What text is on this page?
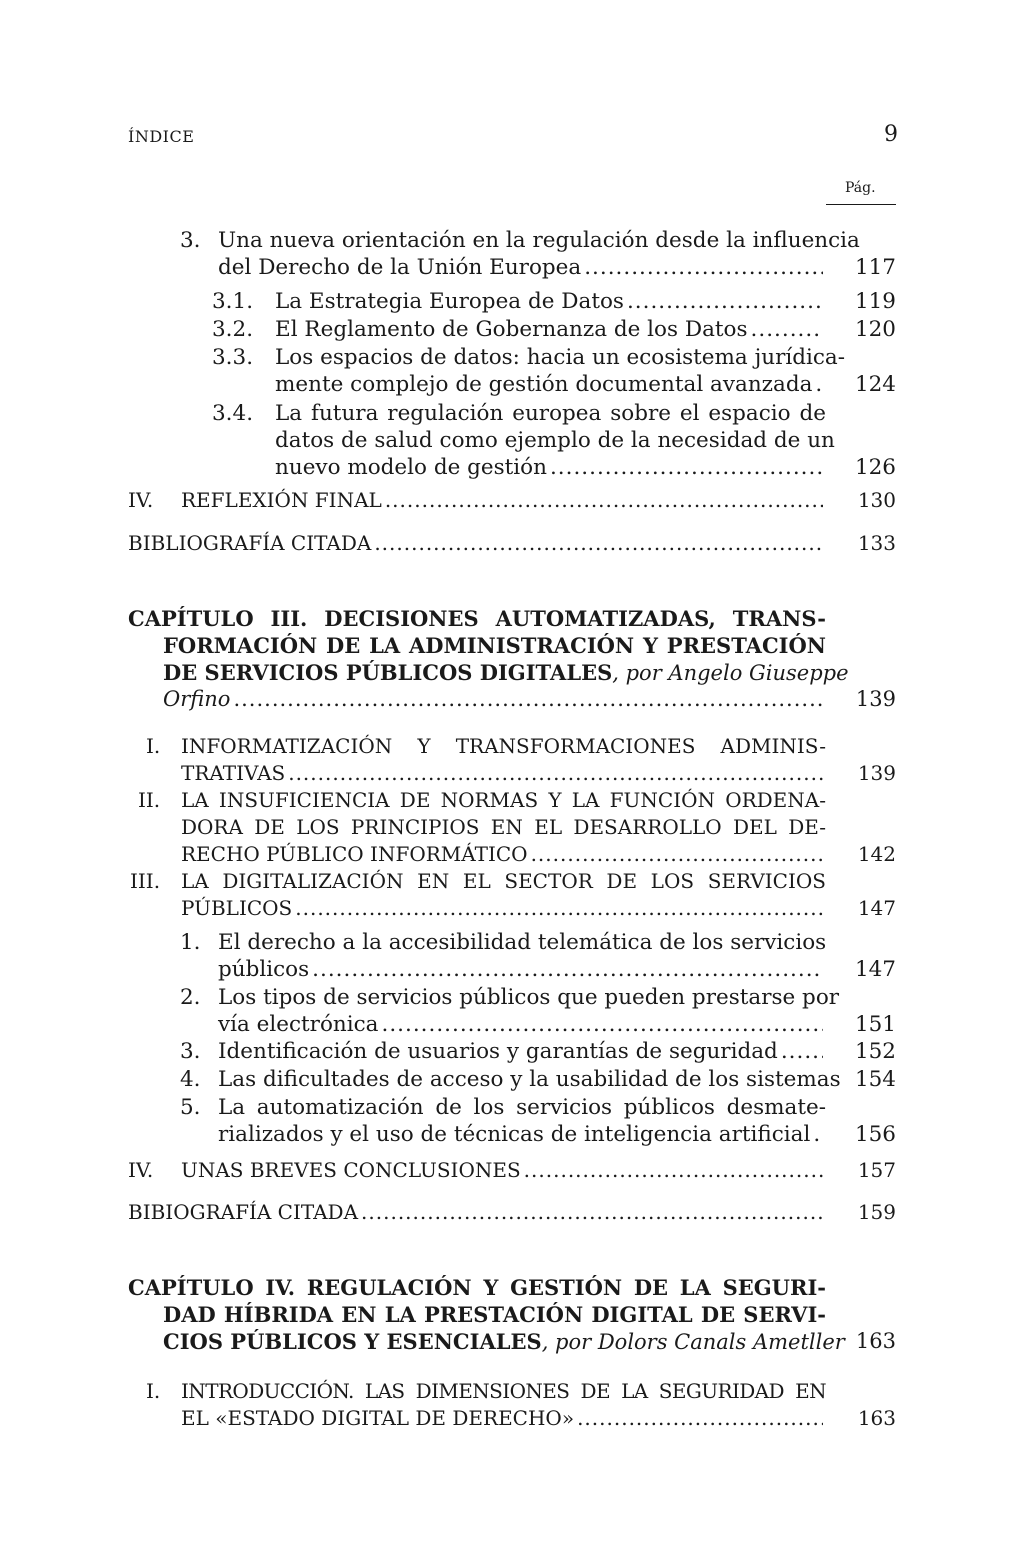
ÍNDICE	9
Pág.
3. Una nueva orientación en la regulación desde la influencia
del Derecho de la Unión Europea .....	117
3.1. La Estrategia Europea de Datos .....	119
3.2. El Reglamento de Gobernanza de los Datos .....	120
3.3. Los espacios de datos: hacia un ecosistema jurídica-
mente complejo de gestión documental avanzada ..... 124
3.4. La futura regulación europea sobre el espacio de
datos de salud como ejemplo de la necesidad de un
nuevo modelo de gestión .....	126
IV. REFLEXIÓN FINAL .....	130
BIBLIOGRAFÍA CITADA .....	133
CAPÍTULO III. DECISIONES AUTOMATIZADAS, TRANS-
FORMACIÓN DE LA ADMINISTRACIÓN Y PRESTACIÓN
DE SERVICIOS PÚBLICOS DIGITALES, por Angelo Giuseppe
Orfino .....	139
I. INFORMATIZACIÓN Y TRANSFORMACIONES ADMINIS-
TRATIVAS .....	139
II. LA INSUFICIENCIA DE NORMAS Y LA FUNCIÓN ORDENA-
DORA DE LOS PRINCIPIOS EN EL DESARROLLO DEL DE-
RECHO PÚBLICO INFORMÁTICO .....	142
III. LA DIGITALIZACIÓN EN EL SECTOR DE LOS SERVICIOS
PÚBLICOS .....	147
1. El derecho a la accesibilidad telemática de los servicios
públicos .....	147
2. Los tipos de servicios públicos que pueden prestarse por
vía electrónica .....	151
3. Identificación de usuarios y garantías de seguridad .....	152
4. Las dificultades de acceso y la usabilidad de los sistemas 154
5. La automatización de los servicios públicos desmate-
rializados y el uso de técnicas de inteligencia artificial ..... 156
IV. UNAS BREVES CONCLUSIONES .....	157
BIBIOGRAFÍA CITADA .....	159
CAPÍTULO IV. REGULACIÓN Y GESTIÓN DE LA SEGURI-
DAD HÍBRIDA EN LA PRESTACIÓN DIGITAL DE SERVI-
CIOS PÚBLICOS Y ESENCIALES, por Dolors Canals Ametller 163
I. INTRODUCCIÓN. LAS DIMENSIONES DE LA SEGURIDAD EN
EL «ESTADO DIGITAL DE DERECHO» .....	163
